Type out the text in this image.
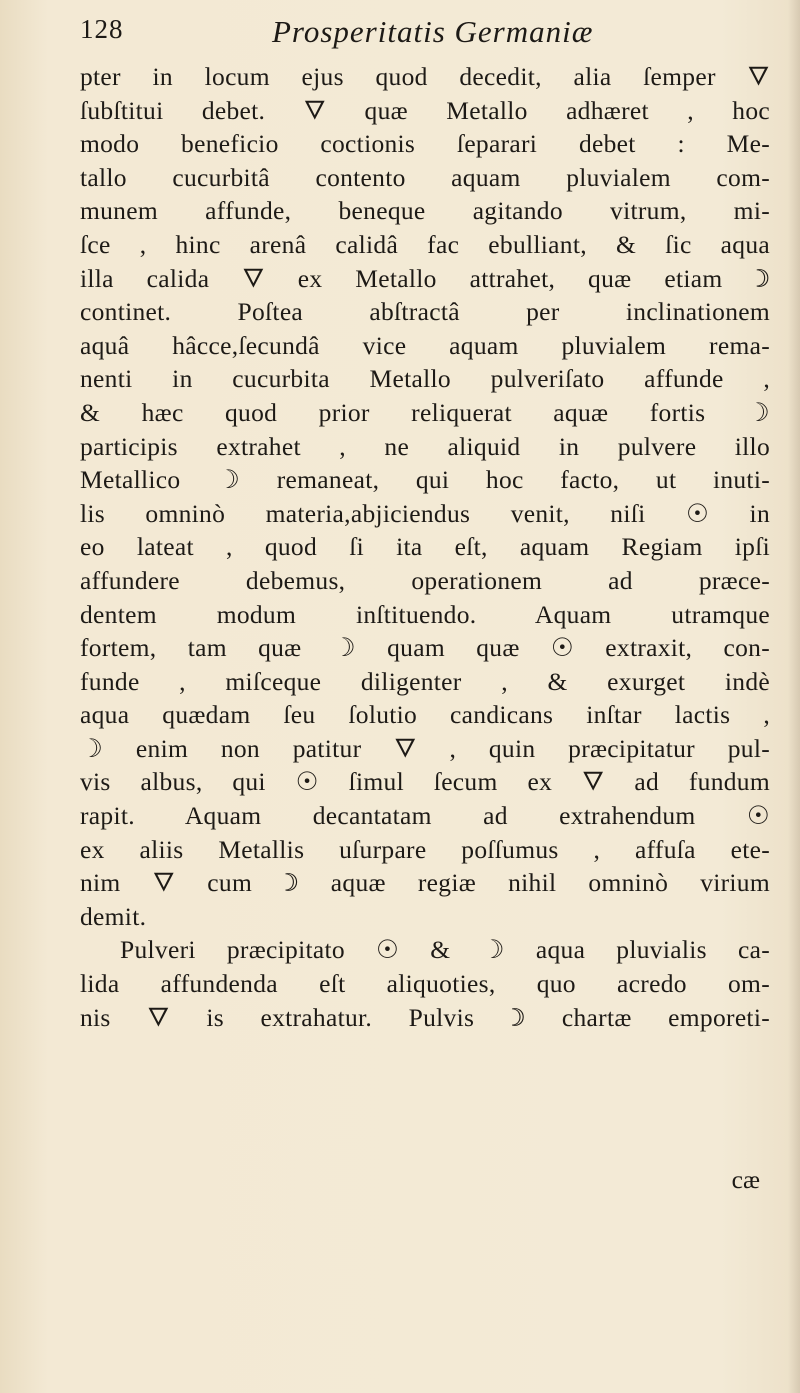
128	Prosperitatis Germaniæ
pter in locum ejus quod decedit, alia ſemper 🜄
ſubſtitui debet. 🜄 quæ Metallo adhæret , hoc
modo beneficio coctionis ſeparari debet : Me-
tallo cucurbitâ contento aquam pluvialem com-
munem affunde, beneque agitando vitrum, mi-
ſce , hinc arenâ calidâ fac ebulliant, & ſic aqua
illa calida 🜄 ex Metallo attrahet, quæ etiam ☽
continet. Poſtea abſtractâ per inclinationem
aquâ hâcce,ſecundâ vice aquam pluvialem rema-
nenti in cucurbita Metallo pulveriſato affunde ,
& hæc quod prior reliquerat aquæ fortis ☽
participis extrahet , ne aliquid in pulvere illo
Metallico ☽ remaneat, qui hoc facto, ut inuti-
lis omninò materia,abjiciendus venit, niſi ☉ in
eo lateat , quod ſi ita eſt, aquam Regiam ipſi
affundere debemus, operationem ad præce-
dentem modum inſtituendo. Aquam utramque
fortem, tam quæ ☽ quam quæ ☉ extraxit, con-
funde , miſceque diligenter , & exurget indè
aqua quædam ſeu ſolutio candicans inſtar lactis ,
☽ enim non patitur 🜄 , quin præcipitatur pul-
vis albus, qui ☉ ſimul ſecum ex 🜄 ad fundum
rapit. Aquam decantatam ad extrahendum ☉
ex aliis Metallis uſurpare poſſumus , affuſa ete-
nim 🜄 cum ☽ aquæ regiæ nihil omninò virium
demit.
Pulveri præcipitato ☉ & ☽ aqua pluvialis ca-
lida affundenda eſt aliquoties, quo acredo om-
nis 🜄 is extrahatur. Pulvis ☽ chartæ emporeti-
cæ
